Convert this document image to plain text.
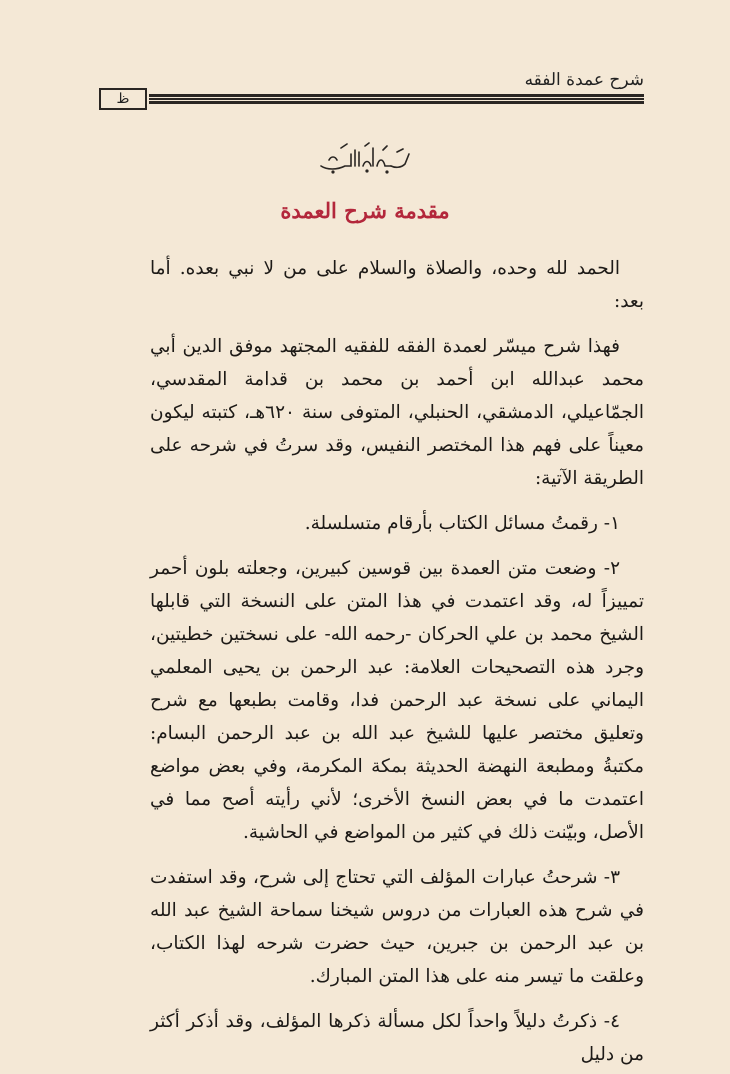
شرح عمدة الفقه
ظ
مقدمة شرح العمدة

الحمد لله وحده، والصلاة والسلام على من لا نبي بعده. أما بعد:

فهذا شرح ميسّر لعمدة الفقه للفقيه المجتهد موفق الدين أبي محمد عبدالله ابن أحمد بن محمد بن قدامة المقدسي، الجمّاعيلي، الدمشقي، الحنبلي، المتوفى سنة ٦٢٠هـ، كتبته ليكون معيناً على فهم هذا المختصر النفيس، وقد سرتُ في شرحه على الطريقة الآتية:

١- رقمتُ مسائل الكتاب بأرقام متسلسلة.

٢- وضعت متن العمدة بين قوسين كبيرين، وجعلته بلون أحمر تمييزاً له، وقد اعتمدت في هذا المتن على النسخة التي قابلها الشيخ محمد بن علي الحركان -رحمه الله- على نسختين خطيتين، وجرد هذه التصحيحات العلامة: عبد الرحمن بن يحيى المعلمي اليماني على نسخة عبد الرحمن فدا، وقامت بطبعها مع شرح وتعليق مختصر عليها للشيخ عبد الله بن عبد الرحمن البسام: مكتبةُ ومطبعة النهضة الحديثة بمكة المكرمة، وفي بعض مواضع اعتمدت ما في بعض النسخ الأخرى؛ لأني رأيته أصح مما في الأصل، وبيّنت ذلك في كثير من المواضع في الحاشية.

٣- شرحتُ عبارات المؤلف التي تحتاج إلى شرح، وقد استفدت في شرح هذه العبارات من دروس شيخنا سماحة الشيخ عبد الله بن عبد الرحمن بن جبرين، حيث حضرت شرحه لهذا الكتاب، وعلقت ما تيسر منه على هذا المتن المبارك.

٤- ذكرتُ دليلاً واحداً لكل مسألة ذكرها المؤلف، وقد أذكر أكثر من دليل
